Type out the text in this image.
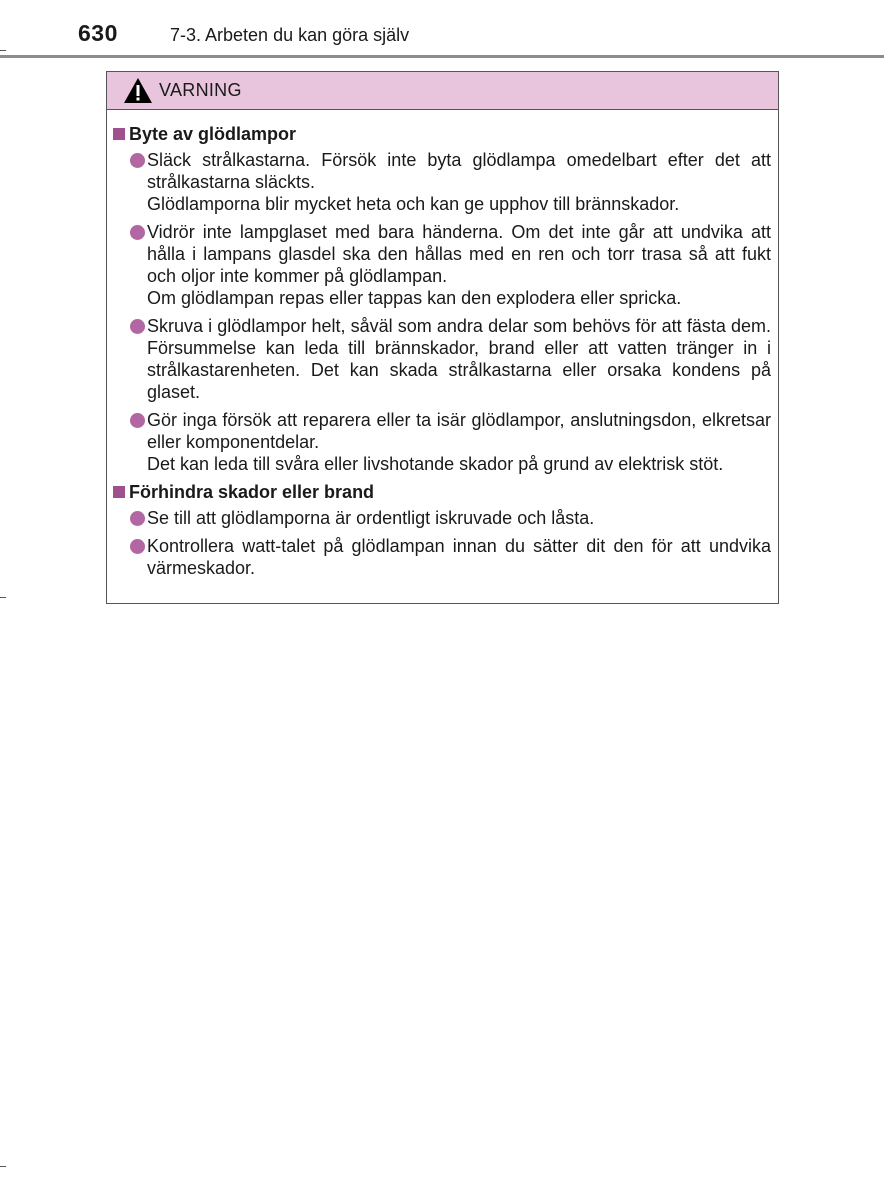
630	7-3. Arbeten du kan göra själv
VARNING
Byte av glödlampor

Släck strålkastarna. Försök inte byta glödlampa omedelbart efter det att strålkastarna släckts.

Glödlamporna blir mycket heta och kan ge upphov till brännskador.

Vidrör inte lampglaset med bara händerna. Om det inte går att undvika att hålla i lampans glasdel ska den hållas med en ren och torr trasa så att fukt och oljor inte kommer på glödlampan.

Om glödlampan repas eller tappas kan den explodera eller spricka.

Skruva i glödlampor helt, såväl som andra delar som behövs för att fästa dem. Försummelse kan leda till brännskador, brand eller att vatten tränger in i strålkastarenheten. Det kan skada strålkastarna eller orsaka kondens på glaset.

Gör inga försök att reparera eller ta isär glödlampor, anslutningsdon, elkretsar eller komponentdelar.

Det kan leda till svåra eller livshotande skador på grund av elektrisk stöt.

Förhindra skador eller brand

Se till att glödlamporna är ordentligt iskruvade och låsta.

Kontrollera watt-talet på glödlampan innan du sätter dit den för att undvika värmeskador.
